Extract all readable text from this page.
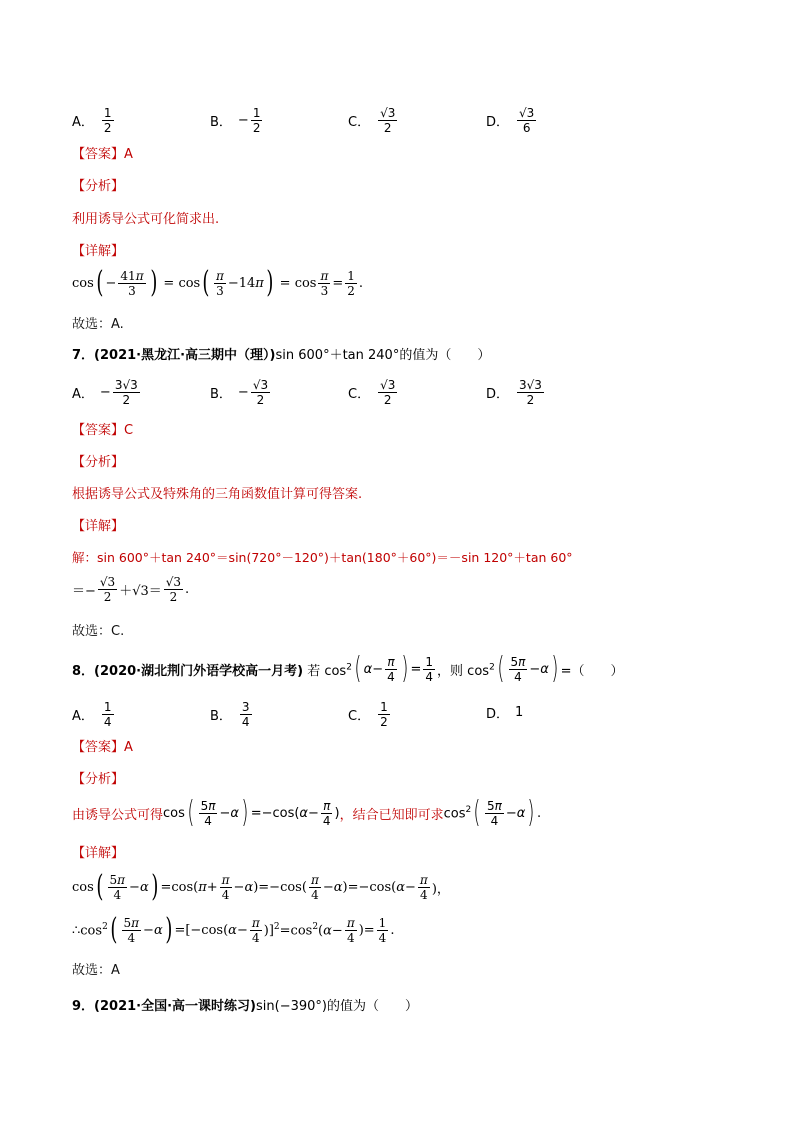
A． $\frac{1}{2}$	B． − $\frac{1}{2}$	C． $\frac{√3}{2}$	D． $\frac{√3}{6}$
【答案】A
【分析】
利用诱导公式可化简求出.
【详解】
cos ( − $\frac{41\pi}{3}$ ) = cos ( $\frac{\pi}{3} -14\pi$ ) = $\cos \frac{\pi}{3} = \frac{1}{2}$ .
故选：A.
7．(2021·黑龙江·高三期中（理）)sin 600°＋tan 240°的值为（　　）
A． − $\frac{3√3}{2}$	B． − $\frac{√3}{2}$	C． $\frac{√3}{2}$	D． $\frac{3√3}{2}$
【答案】C
【分析】
根据诱导公式及特殊角的三角函数值计算可得答案.
【详解】
解：sin 600°＋tan 240°＝sin(720°－120°)＋tan(180°＋60°)＝－sin 120°＋tan 60°
＝− $\frac{√3}{2} +√3= \frac{√3}{2}$ .
故选：C.
8．(2020·湖北荆门外语学校高一月考) 若 $\cos^2$ ( $\alpha - \frac{\pi}{4}$ ) = $\frac{1}{4}$ ，则 $\cos^2$ ( $\frac{5\pi}{4} -\alpha$ ) =（　　）
A． $\frac{1}{4}$	B． $\frac{3}{4}$	C． $\frac{1}{2}$	D． 1
【答案】A
【分析】
由诱导公式可得 cos ( $\frac{5\pi}{4} -\alpha$ ) $=-\cos(\alpha- \frac{\pi}{4}$ ) ，结合已知即可求 $\cos^2$ ( $\frac{5\pi}{4} -\alpha$ ) .
【详解】
cos ( $\frac{5\pi}{4} -\alpha$ ) $=\cos(\pi+ \frac{\pi}{4} -\alpha)=-\cos( \frac{\pi}{4} -\alpha)=-\cos(\alpha- \frac{\pi}{4}$ )，
$\therefore\cos^2$ ( $\frac{5\pi}{4} -\alpha$ ) $=[-\cos(\alpha- \frac{\pi}{4} )]^2=\cos^2(\alpha- \frac{\pi}{4}$ )= $\frac{1}{4}$ .
故选：A
9．(2021·全国·高一课时练习)sin(−390°)的值为（　　）
